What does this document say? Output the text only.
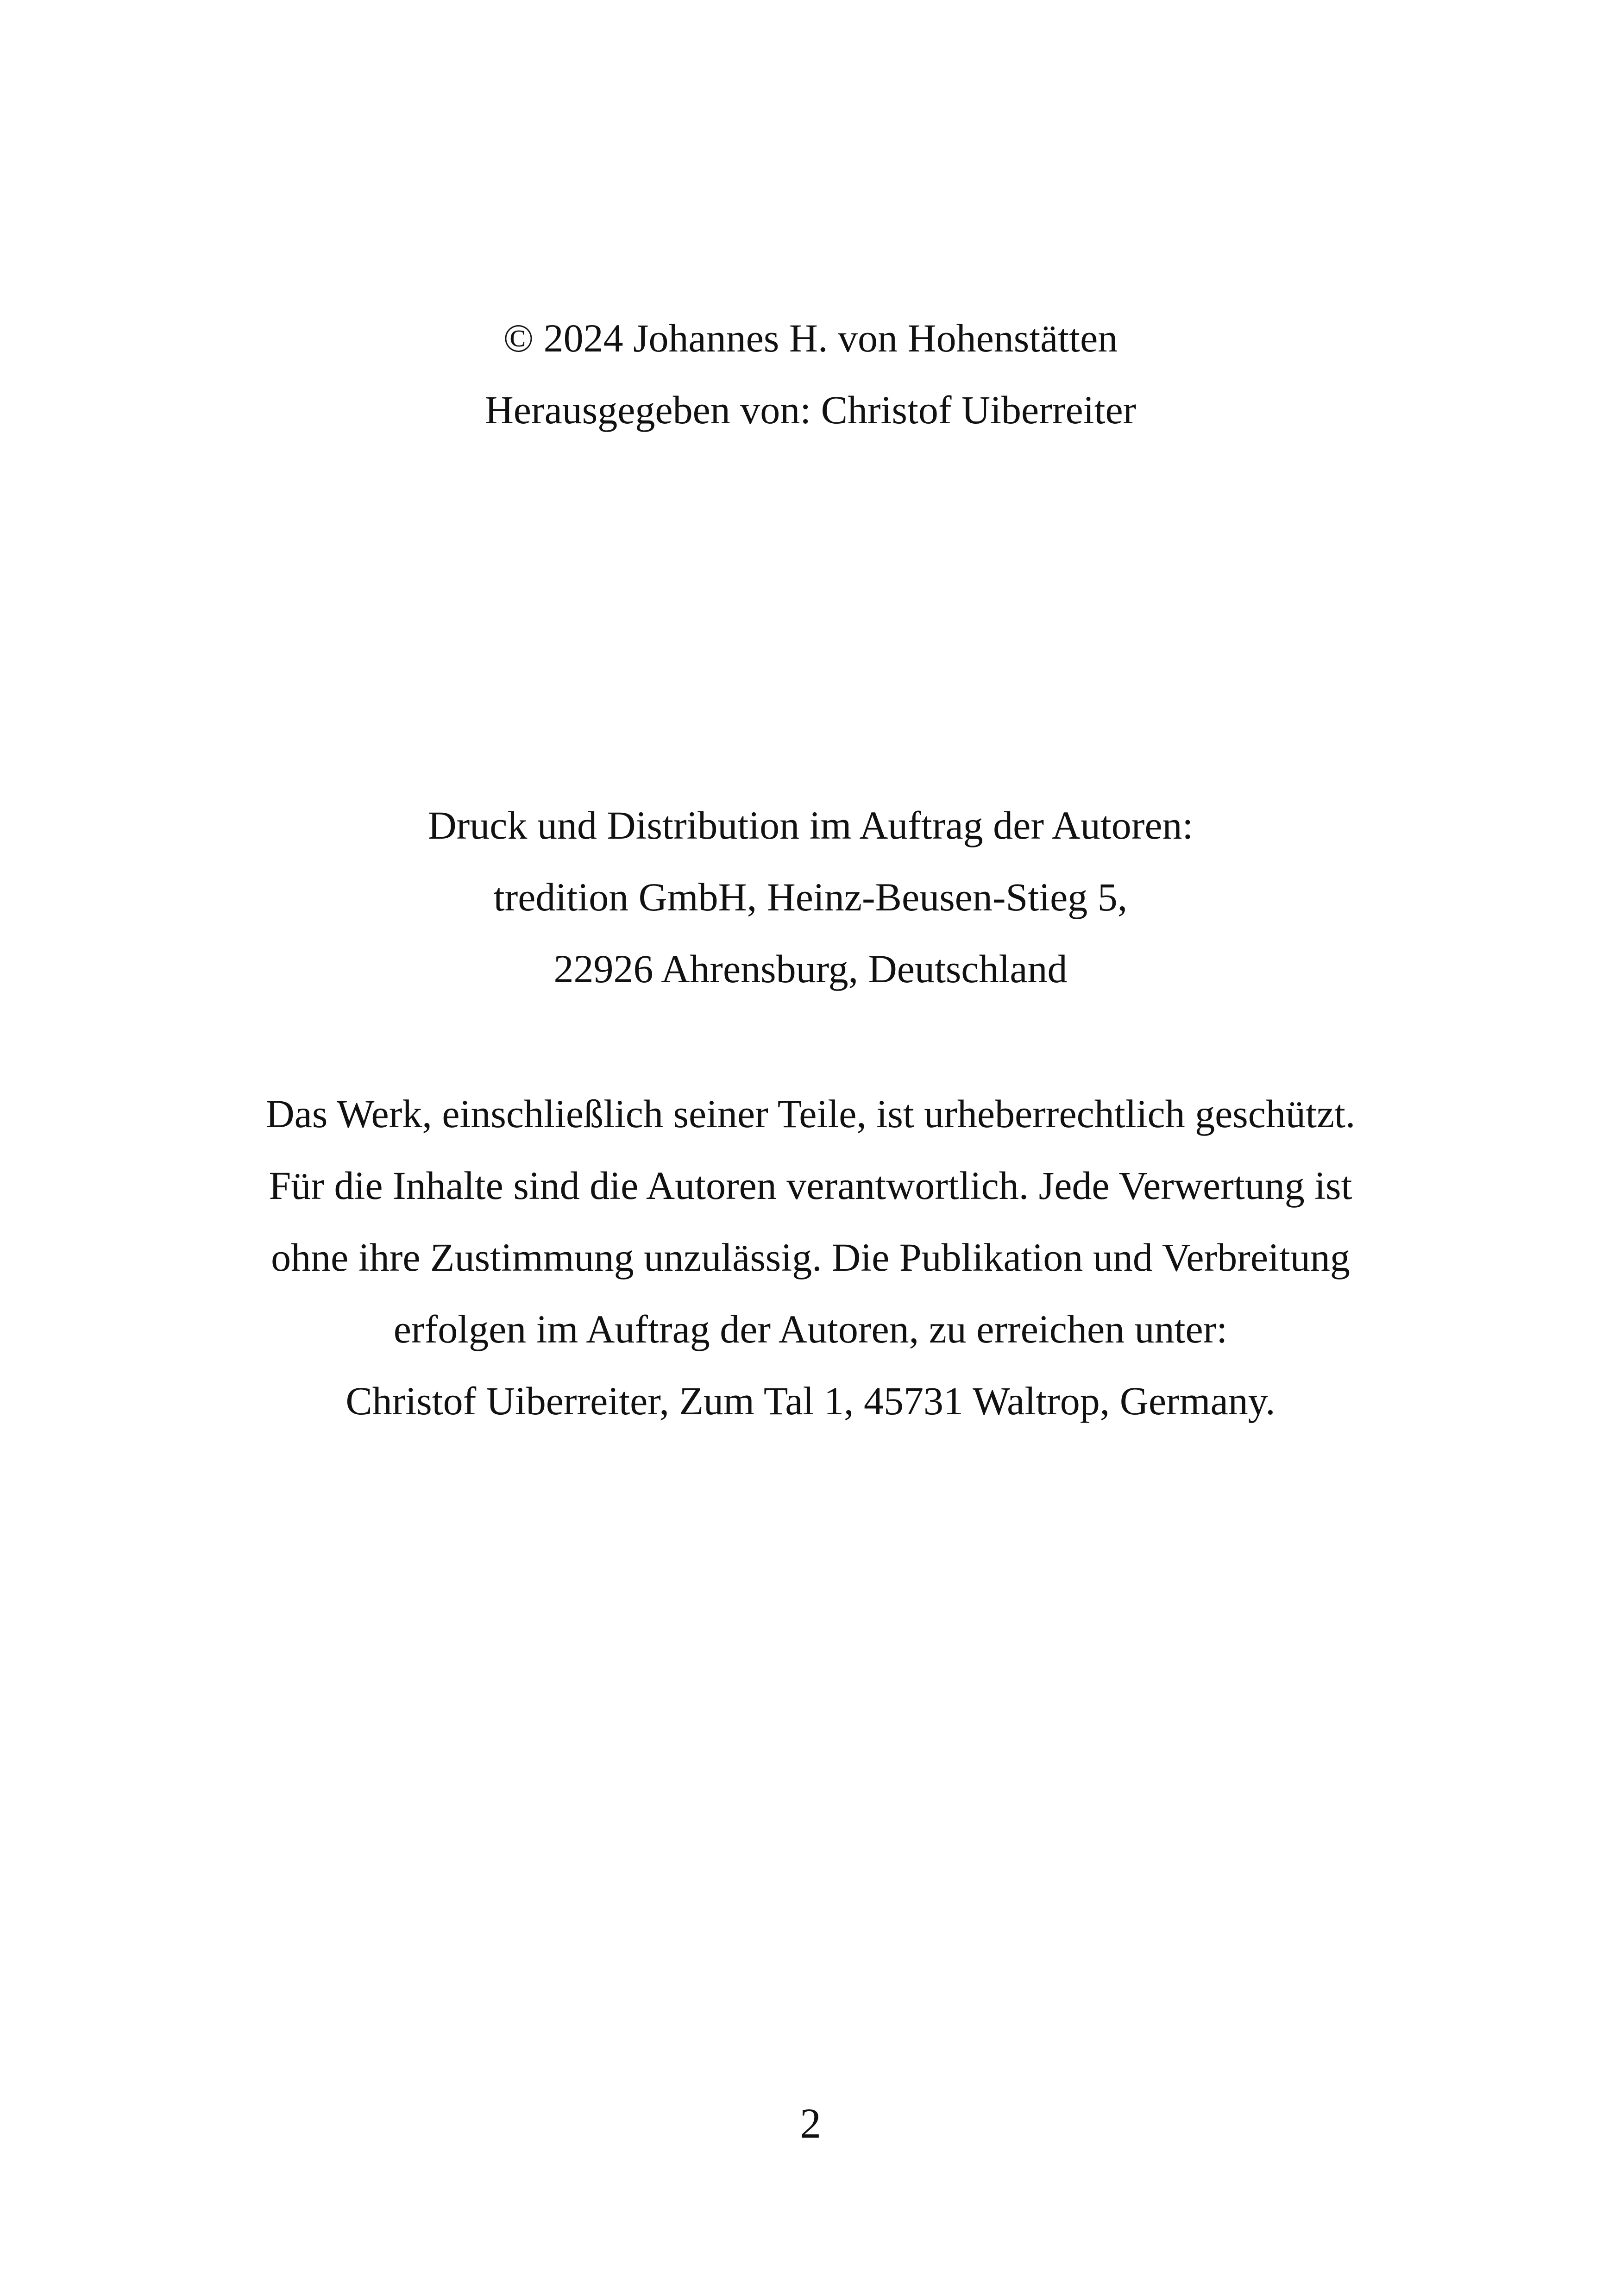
© 2024 Johannes H. von Hohenstätten
Herausgegeben von: Christof Uiberreiter
Druck und Distribution im Auftrag der Autoren:
tredition GmbH, Heinz-Beusen-Stieg 5,
22926 Ahrensburg, Deutschland
Das Werk, einschließlich seiner Teile, ist urheberrechtlich geschützt.
Für die Inhalte sind die Autoren verantwortlich. Jede Verwertung ist
ohne ihre Zustimmung unzulässig. Die Publikation und Verbreitung
erfolgen im Auftrag der Autoren, zu erreichen unter:
Christof Uiberreiter, Zum Tal 1, 45731 Waltrop, Germany.
2
